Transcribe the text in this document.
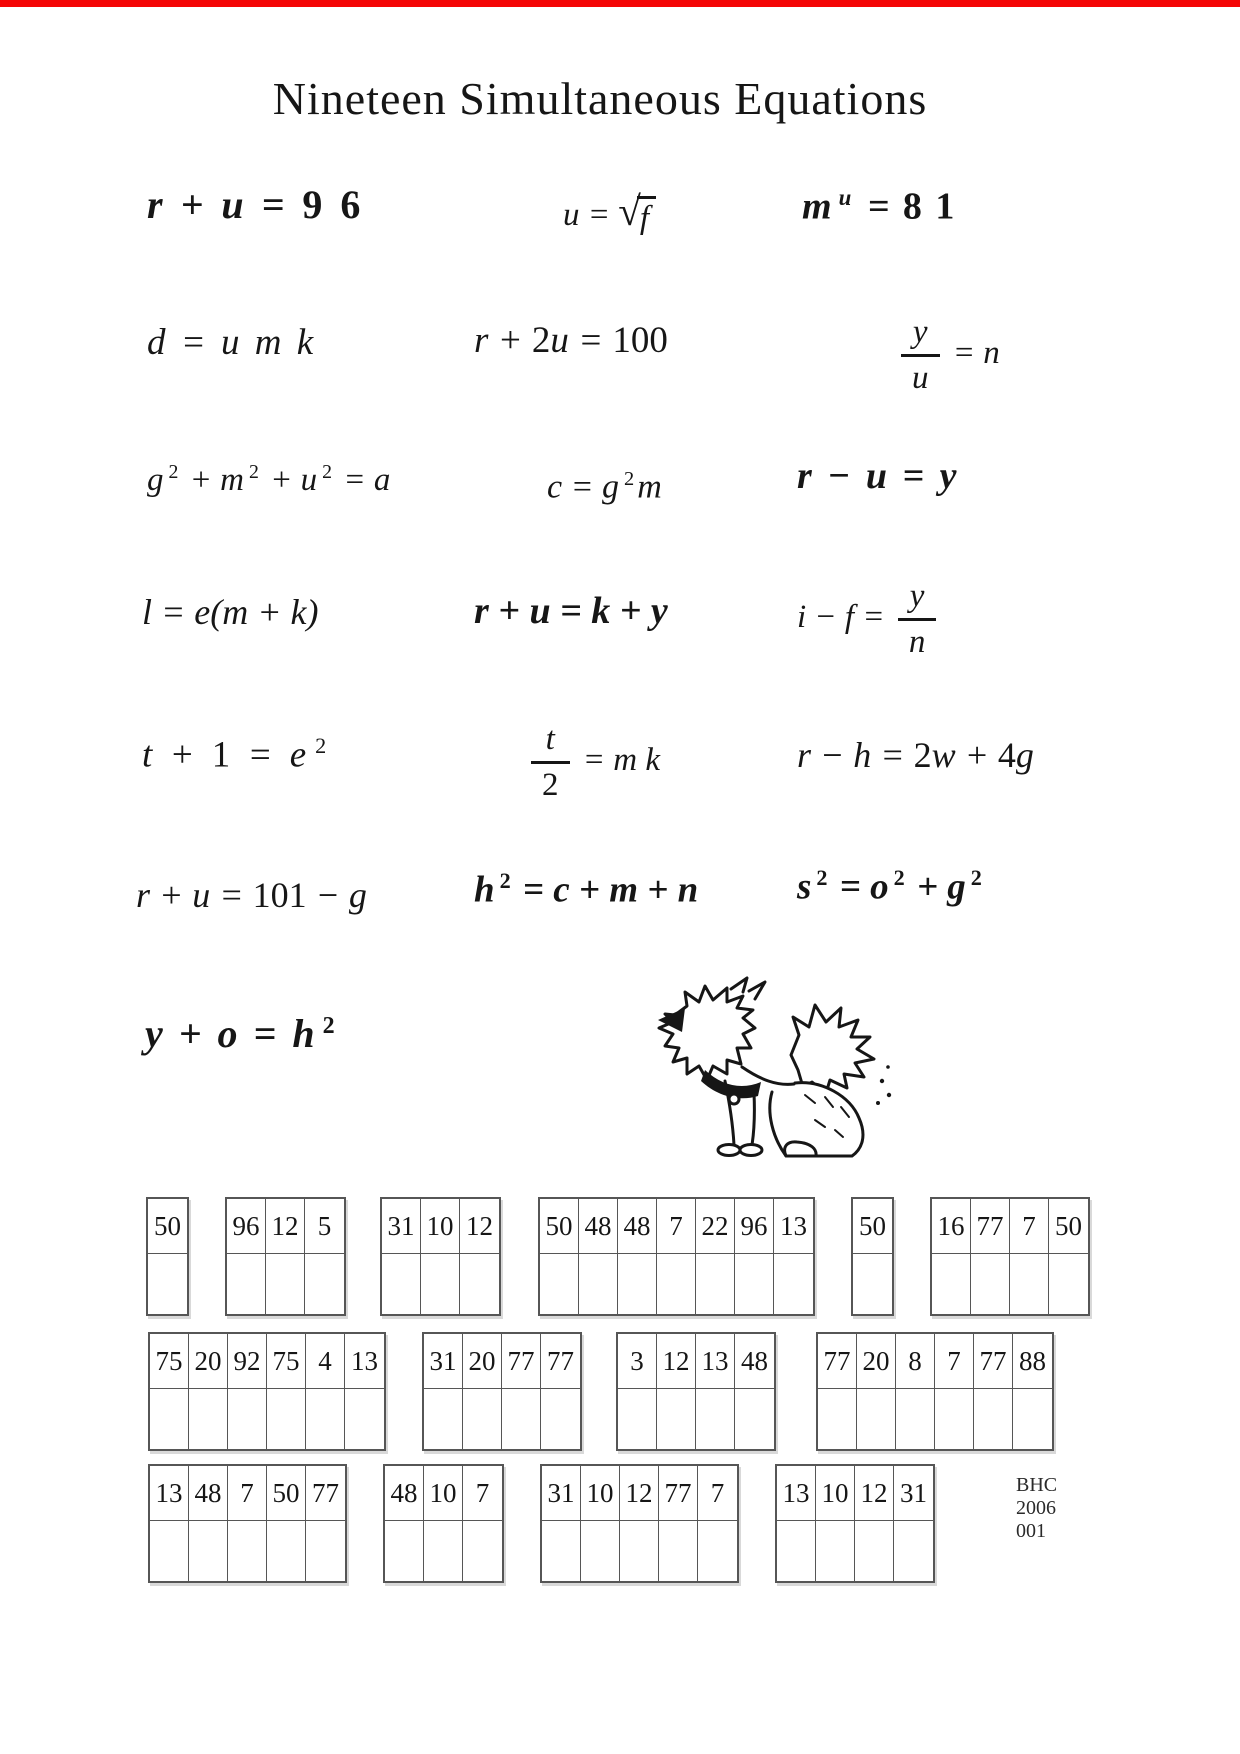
Nineteen Simultaneous Equations
r + u = 9 6	u = √ f	m $^u$ = 8 1
d = u m k	r + 2u = 100	$\frac{y}{u} = n$
g $^2$ + m $^2$ + u $^2$ = a	c = g $^2$m	r − u = y
l = e(m + k)	r + u = k + y	$i - f = \frac{y}{n}$
t + 1 = e $^2$	$\frac{t}{2} = m$ k	r − h = 2w + 4g
r + u = 101 − g	h $^2$ = c + m + n	s $^2$ = o $^2$ + g $^2$
y + o = h $^2$
50 96 12 5	31 10 12 50 48 48 7 22 96 13 50 16 77 7 50
75 20 92 75 4 13 31 20 77 77	3 12 13 48 77 20 8 7 77 88
13 48 7 50 77 48 10 7	31 10 12 77 7	13 10 12 31	BHC
2006
001
